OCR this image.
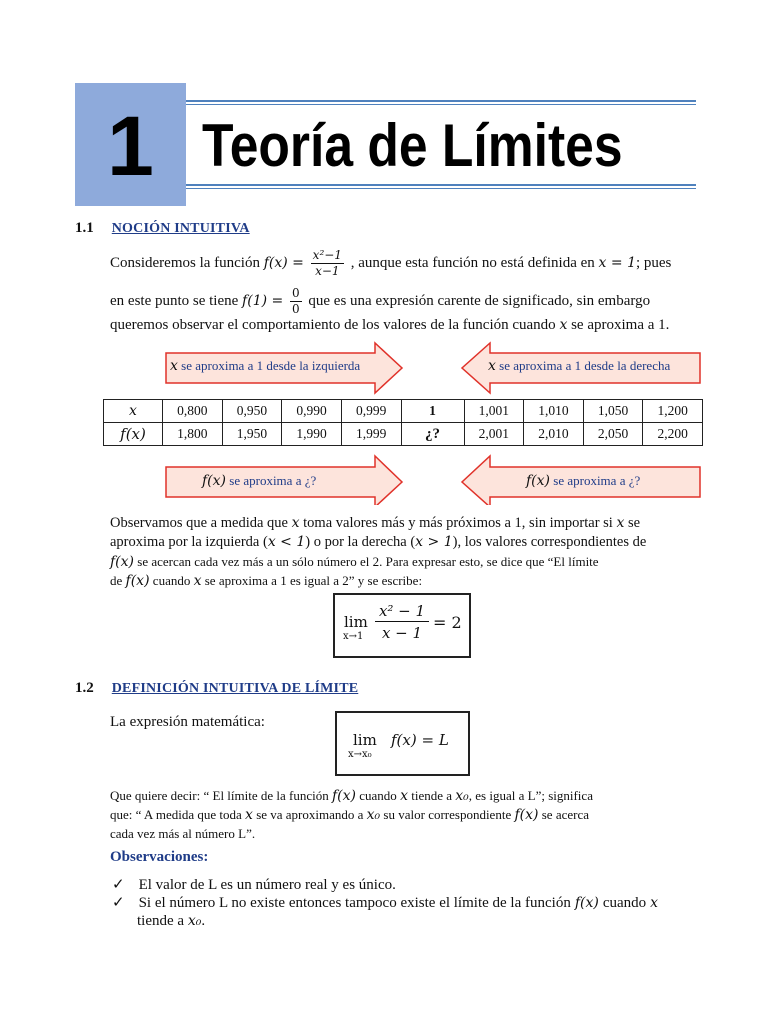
1 Teoría de Límites
1.1 NOCIÓN INTUITIVA
Consideremos la función $f(x) = \frac{\text{x²−1}}{x-1}$ , aunque esta función no está definida en x = 1; pues
en este punto se tiene $f(1) = \frac{0}{0}$ que es una expresión carente de significado, sin embargo
queremos observar el comportamiento de los valores de la función cuando x se aproxima a 1.
x se aproxima a 1 desde la izquierda	x se aproxima a 1 desde la derecha
f(x) se aproxima a ¿?	f(x) se aproxima a ¿?
x	0,800	0,950	0,990	0,999	1	1,001	1,010	1,050	1,200
f(x)	1,800	1,950	1,990	1,999	¿?	2,001	2,010	2,050	2,200
Observamos que a medida que x toma valores más y más próximos a 1, sin importar si x se
aproxima por la izquierda (x < 1) o por la derecha (x > 1), los valores correspondientes de
f(x) se acercan cada vez más a un sólo número el 2. Para expresar esto, se dice que “El límite
de f(x) cuando x se aproxima a 1 es igual a 2” y se escribe:
lim
x→1
x² − 1
x − 1
= 2
1.2 DEFINICIÓN INTUITIVA DE LÍMITE
La expresión matemática:
lim
x→x₀
f(x) = L
Que quiere decir: “ El límite de la función f(x) cuando x tiende a x₀, es igual a L”; significa
que: “ A medida que toda x se va aproximando a x₀ su valor correspondiente f(x) se acerca
cada vez más al número L”.
Observaciones:
✓ El valor de L es un número real y es único.
✓ Si el número L no existe entonces tampoco existe el límite de la función f(x) cuando x
tiende a x₀.
